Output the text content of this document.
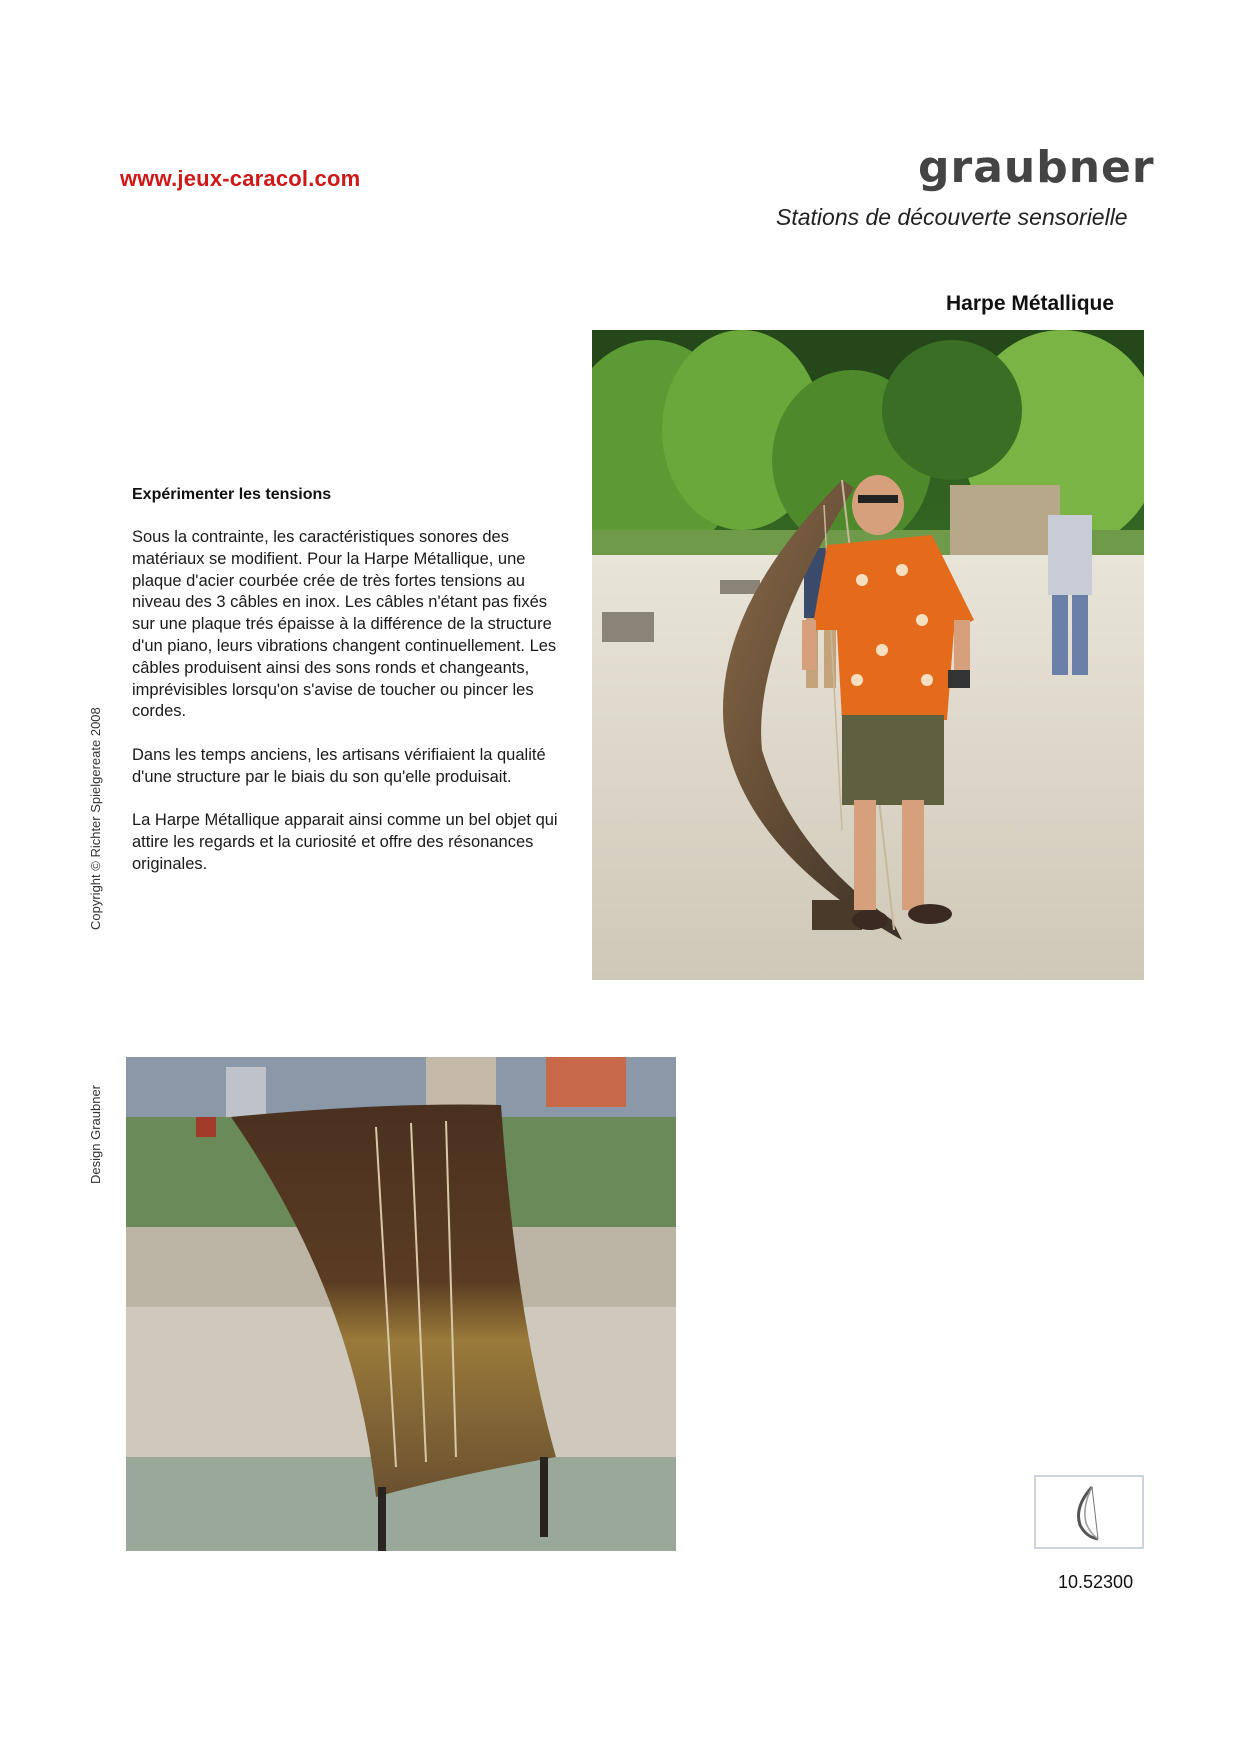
www.jeux-caracol.com	graubner
Stations de découverte sensorielle
Harpe Métallique
Expérimenter les tensions

Sous la contrainte, les caractéristiques sonores des matériaux se modifient. Pour la Harpe Métallique, une plaque d'acier courbée crée de très fortes tensions au niveau des 3 câbles en inox. Les câbles n'étant pas fixés sur une plaque trés épaisse à la différence de la structure d'un piano, leurs vibrations changent continuellement. Les câbles produisent ainsi des sons ronds et changeants, imprévisibles lorsqu'on s'avise de toucher ou pincer les cordes.

Dans les temps anciens, les artisans vérifiaient la qualité d'une structure par le biais du son qu'elle produisait.

La Harpe Métallique apparait ainsi comme un bel objet qui attire les regards et la curiosité et offre des résonances originales.

Copyright © Richter Spielgereate 2008
Design Graubner
10.52300
